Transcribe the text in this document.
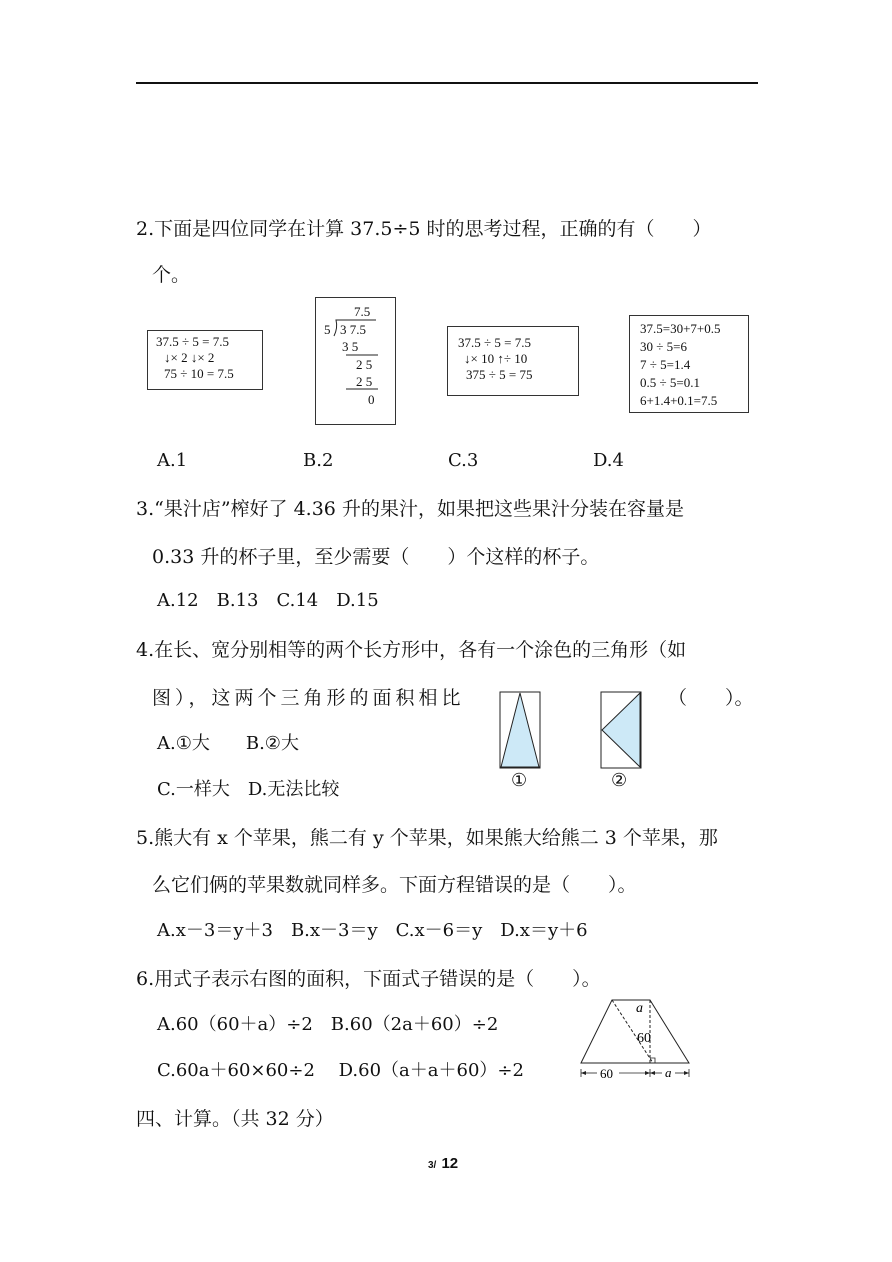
2.下面是四位同学在计算 37.5÷5 时的思考过程，正确的有（　　）
个。
37.5 ÷ 5 = 7.5
↓× 2 ↓× 2
75 ÷ 10 = 7.5
7.5
5 3 7.5
3 5
2 5
2 5
0
37.5 ÷ 5 = 7.5
↓× 10 ↑÷ 10
375 ÷ 5 = 75
37.5=30+7+0.5
30 ÷ 5=6
7 ÷ 5=1.4
0.5 ÷ 5=0.1
6+1.4+0.1=7.5
A.1	B.2	C.3	D.4
3.“果汁店”榨好了 4.36 升的果汁，如果把这些果汁分装在容量是
0.33 升的杯子里，至少需要（　　）个这样的杯子。
A.12　B.13　C.14　D.15
4.在长、宽分别相等的两个长方形中，各有一个涂色的三角形（如
图），这两个三角形的面积相比	（　　）。
A.①大　　B.②大
C.一样大　D.无法比较	①	②
5.熊大有 x 个苹果，熊二有 y 个苹果，如果熊大给熊二 3 个苹果，那
么它们俩的苹果数就同样多。下面方程错误的是（　　）。
A.x－3＝y＋3　B.x－3＝y　C.x－6＝y　D.x＝y＋6
6.用式子表示右图的面积，下面式子错误的是（　　）。
A.60（60＋a）÷2　B.60（2a＋60）÷2
C.60a＋60×60÷2　 D.60（a＋a＋60）÷2
a
60
60	a
四、计算。（共 32 分）
3/ 12
